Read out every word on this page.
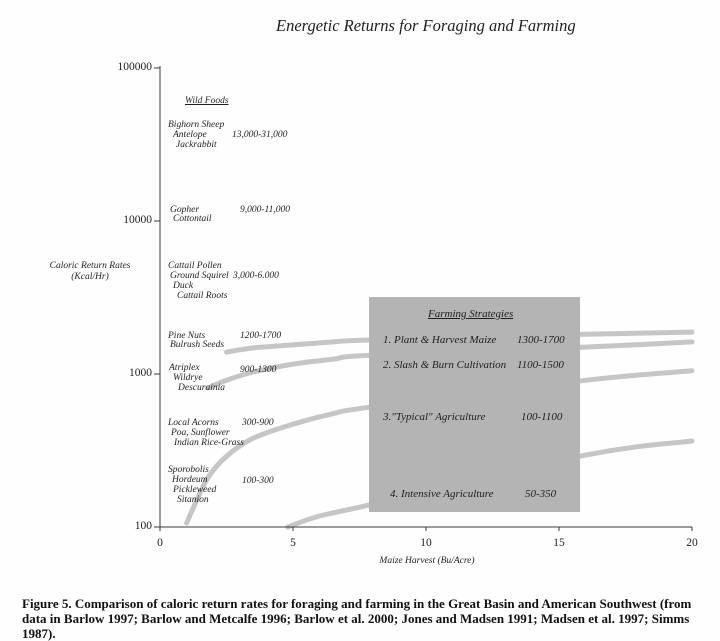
Energetic Returns for Foraging and Farming
Caloric Return Rates
(Kcal/Hr)
Maize Harvest (Bu/Acre)
Wild Foods
Bighorn Sheep
Antelope
Jackrabbit
13,000-31,000
Gopher
Cottontail
9,000-11,000
Cattail Pollen
Ground Squirel
Duck
Cattail Roots
3,000-6.000
Pine Nuts
Bulrush Seeds
1200-1700
Atriplex
Wildrye
Descurainia
900-1300
Local Acorns
Poa, Sunflower
Indian Rice-Grass
300-900
Sporobolis
Hordeum
Pickleweed
Sitanion
100-300
Farming Strategies
1. Plant & Harvest Maize 1300-1700
2. Slash & Burn Cultivation 1100-1500
3."Typical" Agriculture	100-1100
4. Intensive Agriculture	50-350
Figure 5. Comparison of caloric return rates for foraging and farming in the Great Basin and American Southwest (from
data in Barlow 1997; Barlow and Metcalfe 1996; Barlow et al. 2000; Jones and Madsen 1991; Madsen et al. 1997; Simms
1987).
100
1000
10000
100000
0	5	10	15	20
